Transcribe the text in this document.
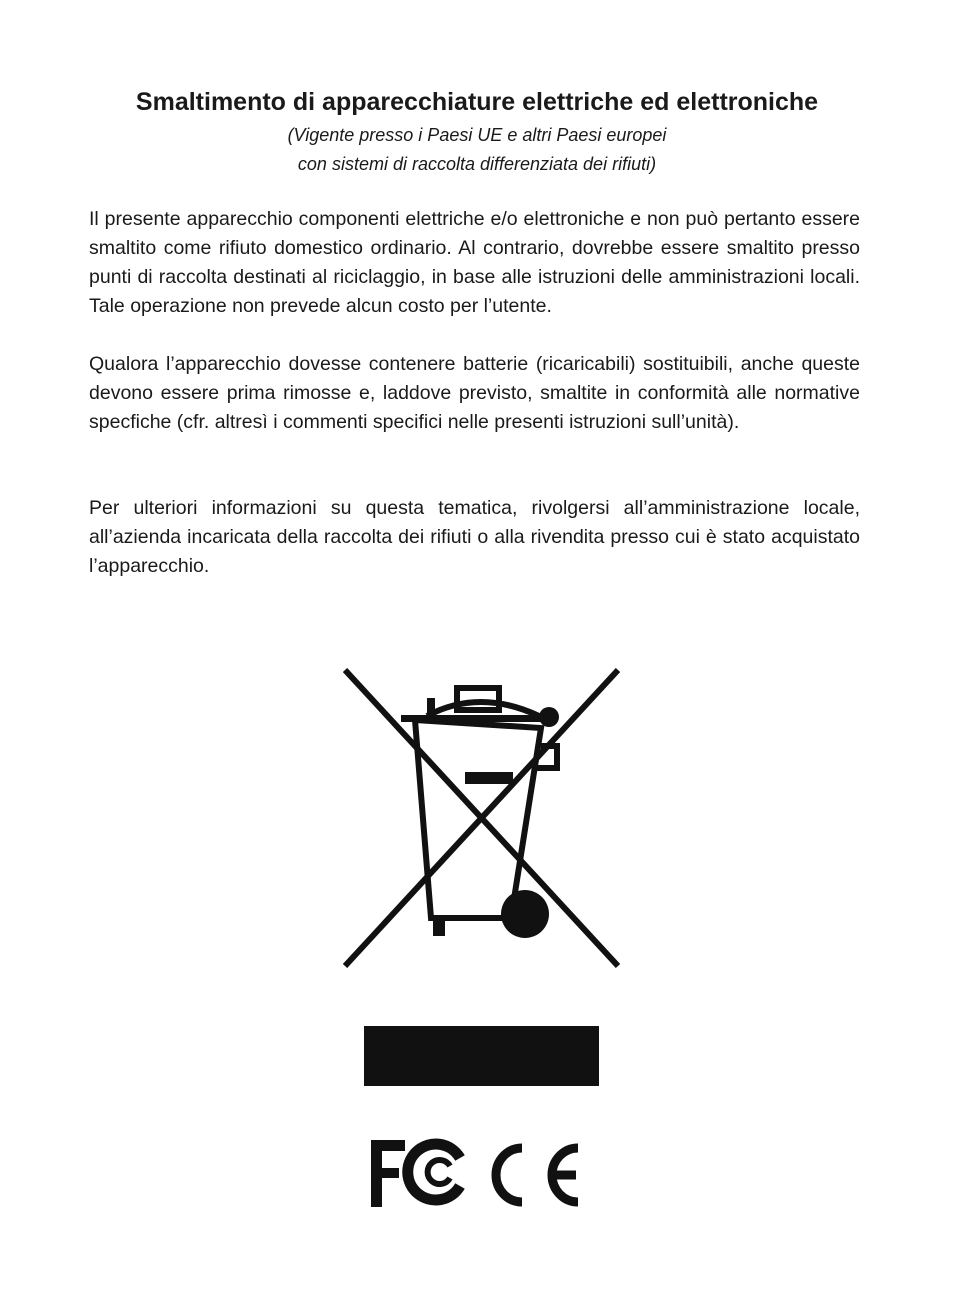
Smaltimento di apparecchiature elettriche ed elettroniche

(Vigente presso i Paesi UE e altri Paesi europei
con sistemi di raccolta differenziata dei rifiuti)

Il presente apparecchio componenti elettriche e/o elettroniche e non può pertanto essere smaltito come rifiuto domestico ordinario. Al contrario, dovrebbe essere smaltito presso punti di raccolta destinati al riciclaggio, in base alle istruzioni delle amministrazioni locali. Tale operazione non prevede alcun costo per l’utente.

Qualora l’apparecchio dovesse contenere batterie (ricaricabili) sostituibili, anche queste devono essere prima rimosse e, laddove previsto, smaltite in conformità alle normative specfiche (cfr. altresì i commenti specifici nelle presenti istruzioni sull’unità).

Per ulteriori informazioni su questa tematica, rivolgersi all’amministrazione locale, all’azienda incaricata della raccolta dei rifiuti o alla rivendita presso cui è stato acquistato l’apparecchio.
